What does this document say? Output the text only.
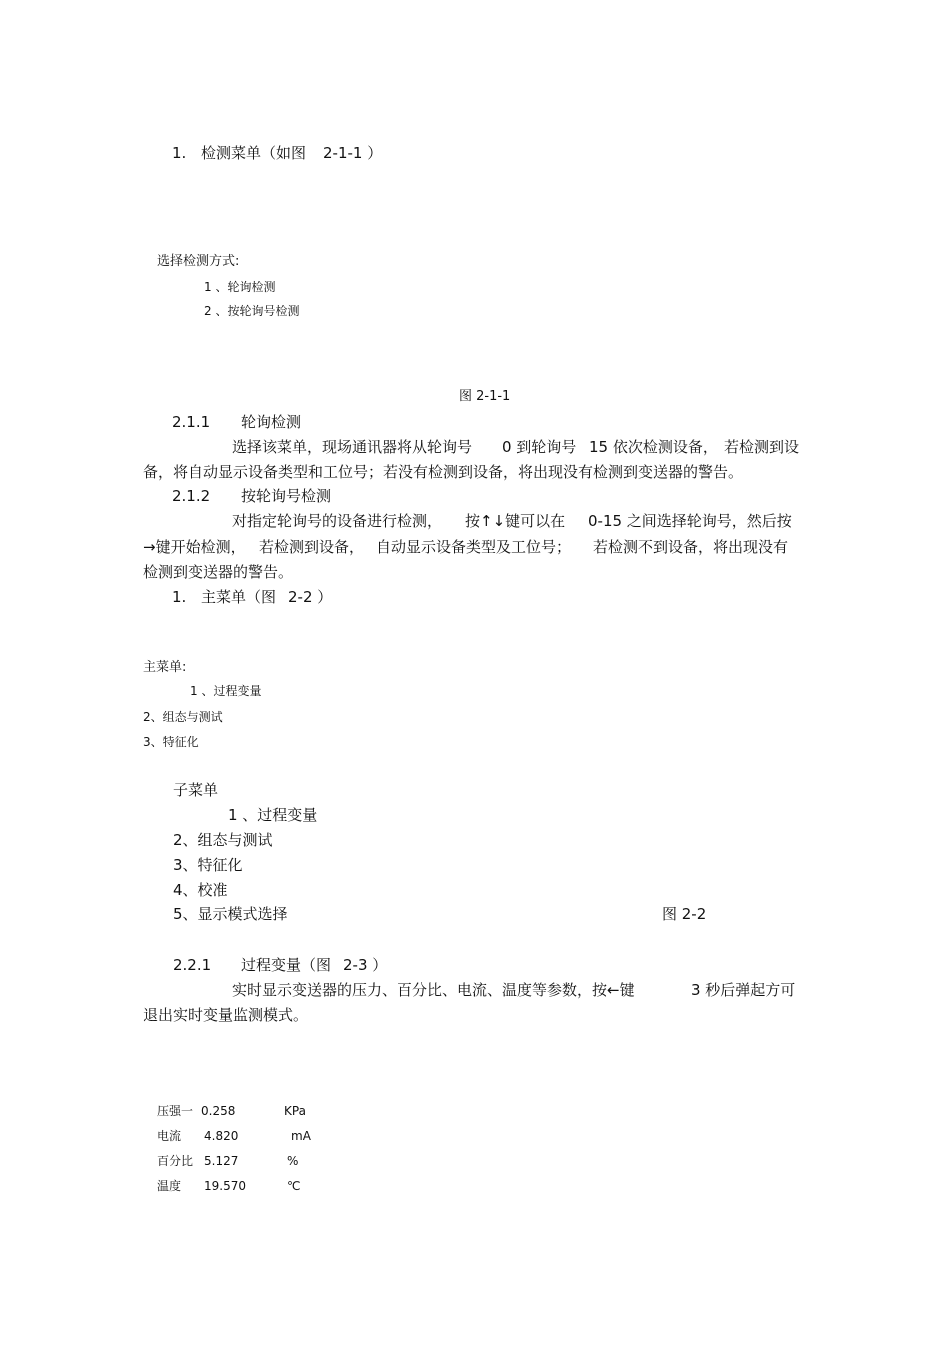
1. 检测菜单（如图 2-1-1 ）
选择检测方式:
1 、轮询检测
2 、按轮询号检测
图 2-1-1
2.1.1 轮询检测
选择该菜单，现场通讯器将从轮询号 0 到轮询号 15 依次检测设备， 若检测到设
备，将自动显示设备类型和工位号；若没有检测到设备，将出现没有检测到变送器的警告。
2.1.2 按轮询号检测
对指定轮询号的设备进行检测， 按↑↓键可以在 0-15 之间选择轮询号，然后按
→键开始检测， 若检测到设备， 自动显示设备类型及工位号； 若检测不到设备，将出现没有
检测到变送器的警告。
1. 主菜单（图 2-2 ）
主菜单:
1 、过程变量
2、组态与测试
3、特征化
子菜单
1 、过程变量
2、组态与测试
3、特征化
4、校准
5、显示模式选择	图 2-2
2.2.1 过程变量（图 2-3 ）
实时显示变送器的压力、百分比、电流、温度等参数，按←键	3 秒后弹起方可
退出实时变量监测模式。
压强一 0.258	KPa
电流 4.820	mA
百分比 5.127	%
温度 19.570	℃
